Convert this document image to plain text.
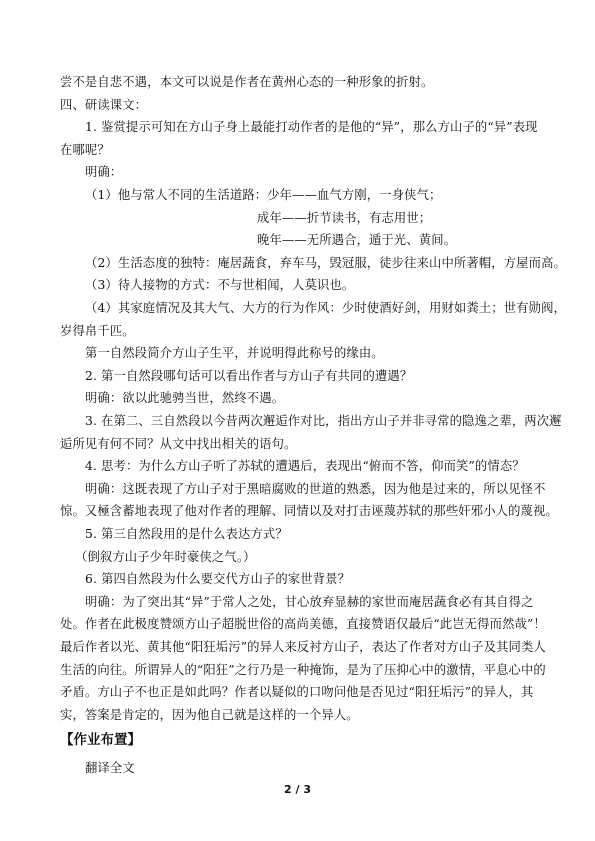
尝不是自悲不遇，本文可以说是作者在黄州心态的一种形象的折射。
四、研读课文：
1. 鉴赏提示可知在方山子身上最能打动作者的是他的“异”，那么方山子的“异”表现
在哪呢？
明确：
（1）他与常人不同的生活道路：少年——血气方刚，一身侠气；
成年——折节读书，有志用世；
晚年——无所遇合，遁于光、黄间。
（2）生活态度的独特：庵居蔬食，弃车马，毁冠服，徒步往来山中所著帽，方屋而高。
（3）待人接物的方式：不与世相闻，人莫识也。
（4）其家庭情况及其大气、大方的行为作风：少时使酒好剑，用财如粪土；世有勋阀，
岁得帛千匹。
第一自然段简介方山子生平，并说明得此称号的缘由。
2. 第一自然段哪句话可以看出作者与方山子有共同的遭遇？
明确：欲以此驰骋当世，然终不遇。
3. 在第二、三自然段以今昔两次邂逅作对比，指出方山子并非寻常的隐逸之辈，两次邂
逅所见有何不同？从文中找出相关的语句。
4. 思考：为什么方山子听了苏轼的遭遇后，表现出“俯而不答，仰而笑”的情态？
明确：这既表现了方山子对于黑暗腐败的世道的熟悉，因为他是过来的，所以见怪不
惊。又極含蓄地表现了他对作者的理解、同情以及对打击诬蔑苏轼的那些奸邪小人的蔑视。
5. 第三自然段用的是什么表达方式？
（倒叙方山子少年时豪侠之气。）
6. 第四自然段为什么要交代方山子的家世背景？
明确：为了突出其“异”于常人之处，甘心放弃显赫的家世而庵居蔬食必有其自得之
处。作者在此极度赞颂方山子超脱世俗的高尚美德，直接赞语仅最后“此岂无得而然哉”！
最后作者以光、黄其他“阳狂垢污”的异人来反衬方山子，表达了作者对方山子及其同类人
生活的向往。所谓异人的“阳狂”之行乃是一种掩饰，是为了压抑心中的激情，平息心中的
矛盾。方山子不也正是如此吗？作者以疑似的口吻问他是否见过“阳狂垢污”的异人，其
实，答案是肯定的，因为他自己就是这样的一个异人。
【作业布置】
翻译全文
2 / 3
